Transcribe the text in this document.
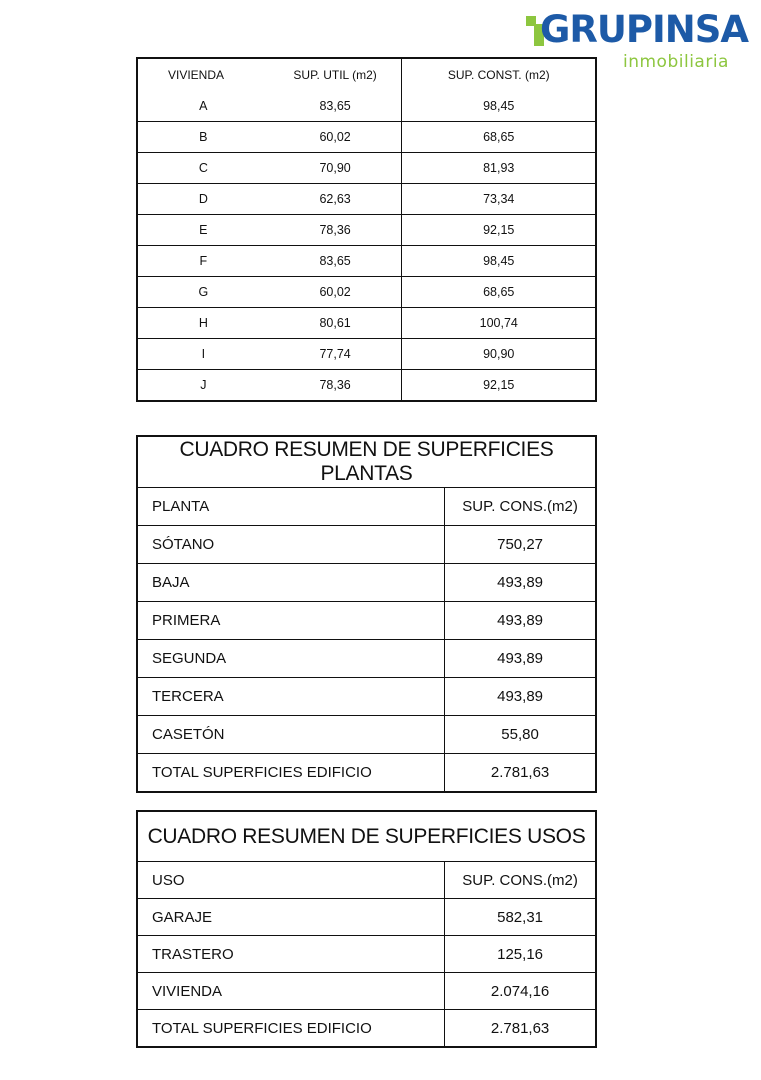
GRUPINSA
inmobiliaria
VIVIENDA	SUP. UTIL (m2)	SUP. CONST. (m2)
A	83,65	98,45
B	60,02	68,65
C	70,90	81,93
D	62,63	73,34
E	78,36	92,15
F	83,65	98,45
G	60,02	68,65
H	80,61	100,74
I	77,74	90,90
J	78,36	92,15
CUADRO RESUMEN DE SUPERFICIES PLANTAS	
PLANTA	SUP. CONS.(m2)
SÓTANO	750,27
BAJA	493,89
PRIMERA	493,89
SEGUNDA	493,89
TERCERA	493,89
CASETÓN	55,80
TOTAL SUPERFICIES EDIFICIO	2.781,63
CUADRO RESUMEN DE SUPERFICIES USOS	
USO	SUP. CONS.(m2)
GARAJE	582,31
TRASTERO	125,16
VIVIENDA	2.074,16
TOTAL SUPERFICIES EDIFICIO	2.781,63
